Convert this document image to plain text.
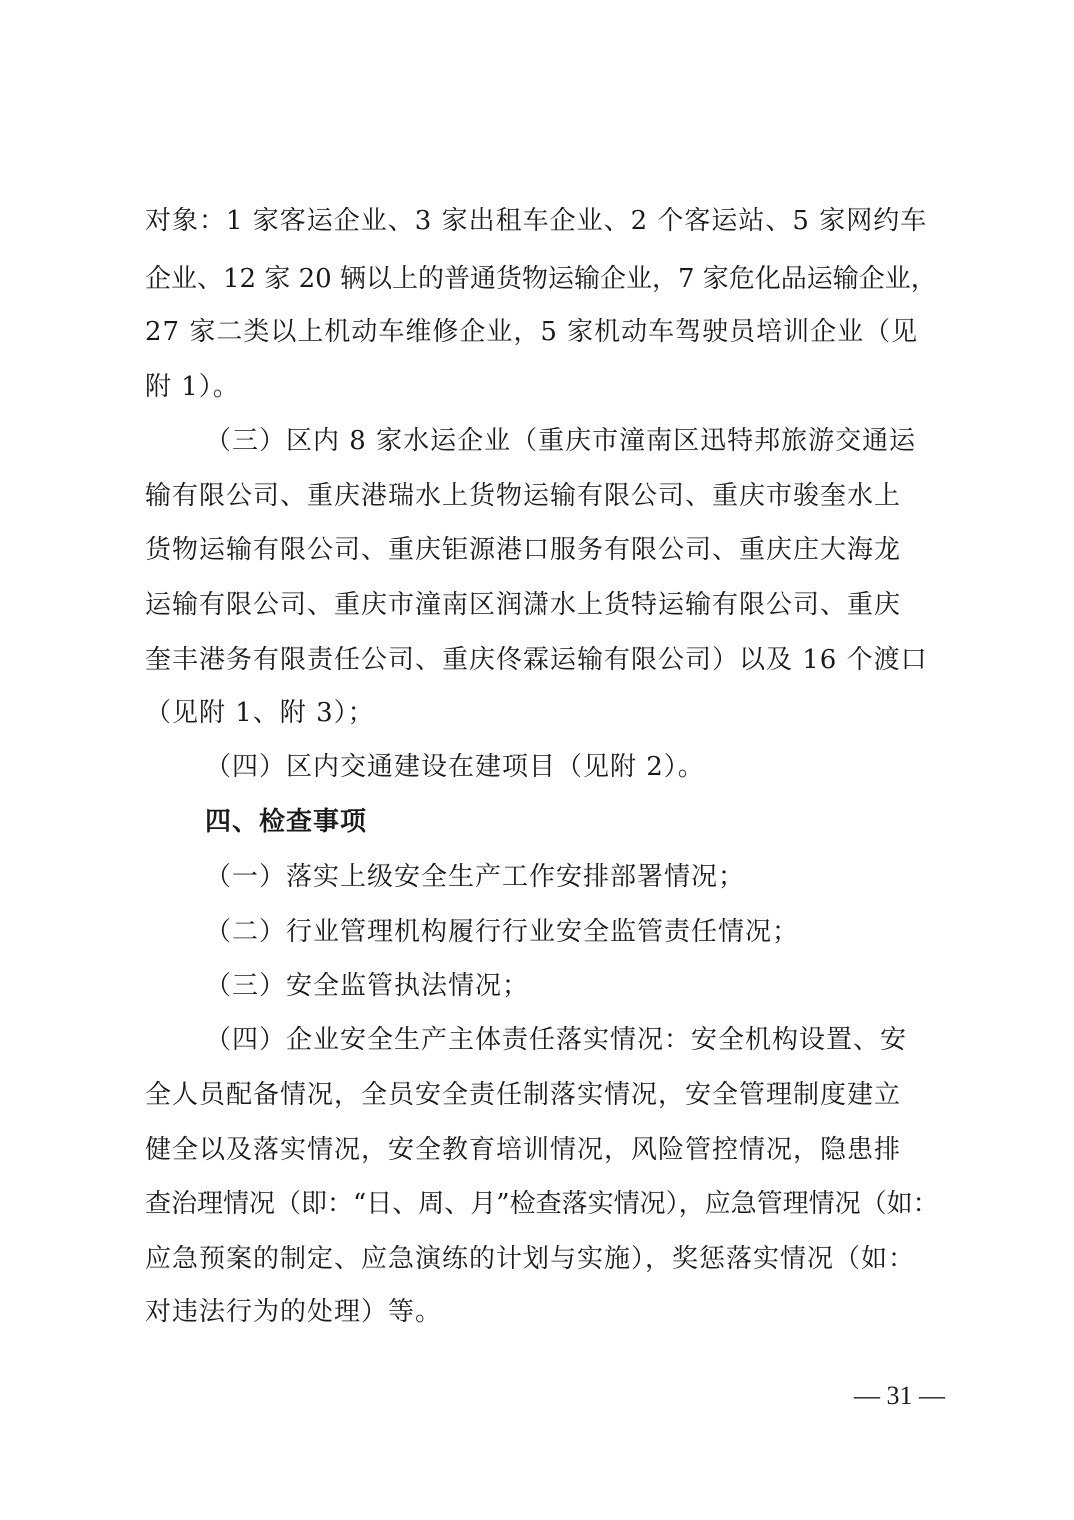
对象：1 家客运企业、3 家出租车企业、2 个客运站、5 家网约车
企业、12 家 20 辆以上的普通货物运输企业，7 家危化品运输企业，
27 家二类以上机动车维修企业，5 家机动车驾驶员培训企业（见
附 1）。
（三）区内 8 家水运企业（重庆市潼南区迅特邦旅游交通运
输有限公司、重庆港瑞水上货物运输有限公司、重庆市骏奎水上
货物运输有限公司、重庆钜源港口服务有限公司、重庆庄大海龙
运输有限公司、重庆市潼南区润潇水上货特运输有限公司、重庆
奎丰港务有限责任公司、重庆佟霖运输有限公司）以及 16 个渡口
（见附 1、附 3）；
（四）区内交通建设在建项目（见附 2）。
四、检查事项
（一）落实上级安全生产工作安排部署情况；
（二）行业管理机构履行行业安全监管责任情况；
（三）安全监管执法情况；
（四）企业安全生产主体责任落实情况：安全机构设置、安
全人员配备情况，全员安全责任制落实情况，安全管理制度建立
健全以及落实情况，安全教育培训情况，风险管控情况，隐患排
查治理情况（即：“日、周、月”检查落实情况），应急管理情况（如：
应急预案的制定、应急演练的计划与实施），奖惩落实情况（如：
对违法行为的处理）等。
— 31 —
